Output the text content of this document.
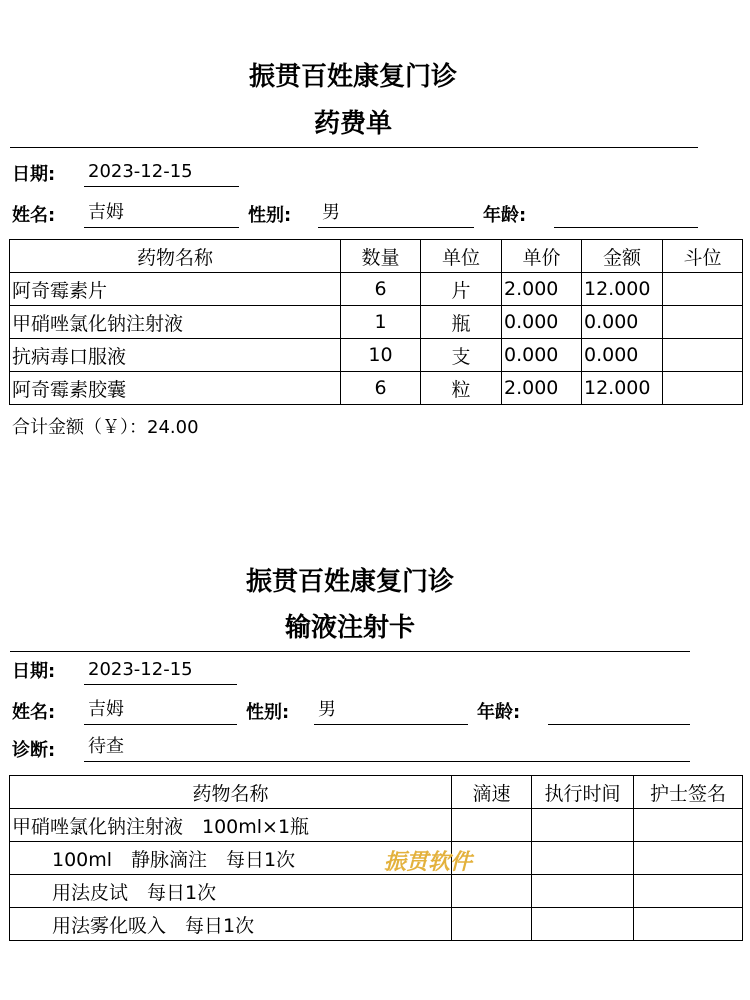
振贯百姓康复门诊
药费单
日期: 2023-12-15
姓名: 吉姆	性别: 男	年龄:
药物名称	数量	单位	单价	金额	斗位
阿奇霉素片	6	片	2.000	12.000	
甲硝唑氯化钠注射液	1	瓶	0.000	0.000	
抗病毒口服液	10	支	0.000	0.000	
阿奇霉素胶囊	6	粒	2.000	12.000	
合计金额（￥）：24.00
振贯百姓康复门诊
输液注射卡
日期: 2023-12-15
姓名: 吉姆	性别: 男	年龄:
诊断: 待查
药物名称	滴速	执行时间	护士签名
甲硝唑氯化钠注射液　100ml×1瓶			
100ml　静脉滴注　每日1次			
用法皮试　每日1次			
用法雾化吸入　每日1次			
振贯软件
